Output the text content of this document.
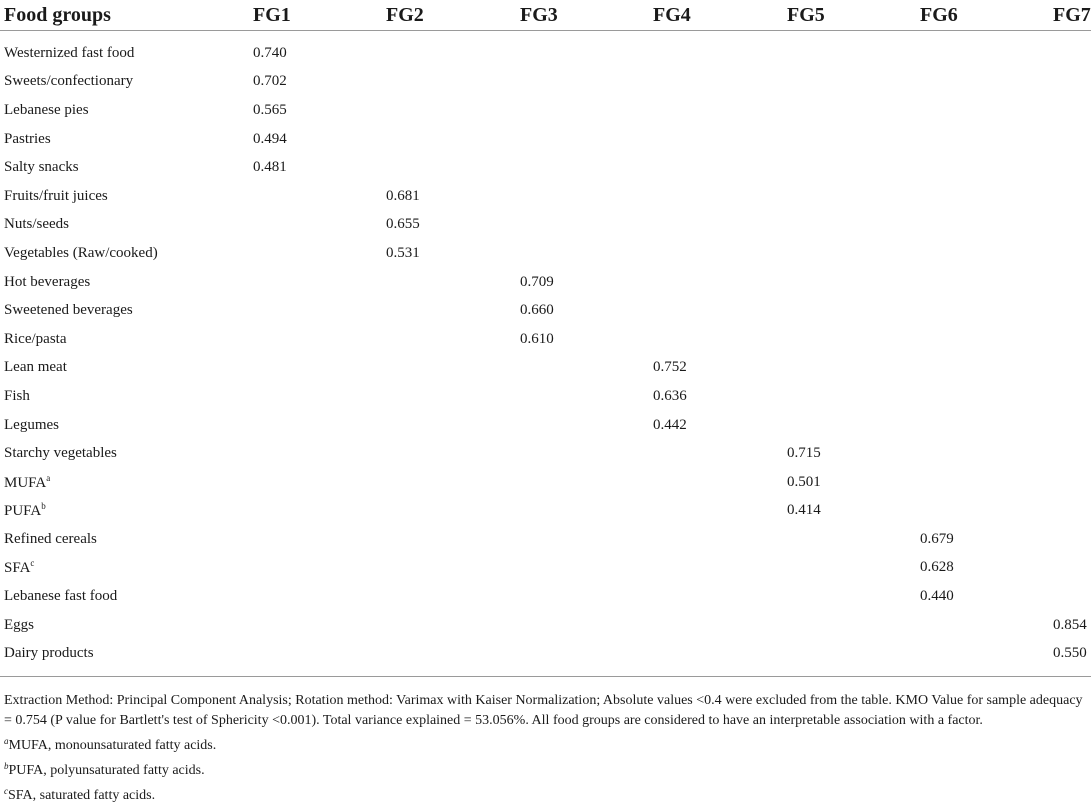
Food groups	FG1	FG2	FG3	FG4	FG5	FG6	FG7
Westernized fast food	0.740						
Sweets/confectionary	0.702						
Lebanese pies	0.565						
Pastries	0.494						
Salty snacks	0.481						
Fruits/fruit juices		0.681					
Nuts/seeds		0.655					
Vegetables (Raw/cooked)		0.531					
Hot beverages			0.709				
Sweetened beverages			0.660				
Rice/pasta			0.610				
Lean meat				0.752			
Fish				0.636			
Legumes				0.442			
Starchy vegetables					0.715		
MUFA$^a$					0.501		
PUFA$^b$					0.414		
Refined cereals						0.679	
SFA$^c$						0.628	
Lebanese fast food						0.440	
Eggs							0.854
Dairy products							0.550

Extraction Method: Principal Component Analysis; Rotation method: Varimax with Kaiser Normalization; Absolute values <0.4 were excluded from the table. KMO Value for sample adequacy = 0.754 (P value for Bartlett's test of Sphericity <0.001). Total variance explained = 53.056%. All food groups are considered to have an interpretable association with a factor.

$^a$MUFA, monounsaturated fatty acids.

$^b$PUFA, polyunsaturated fatty acids.

$^c$SFA, saturated fatty acids.
